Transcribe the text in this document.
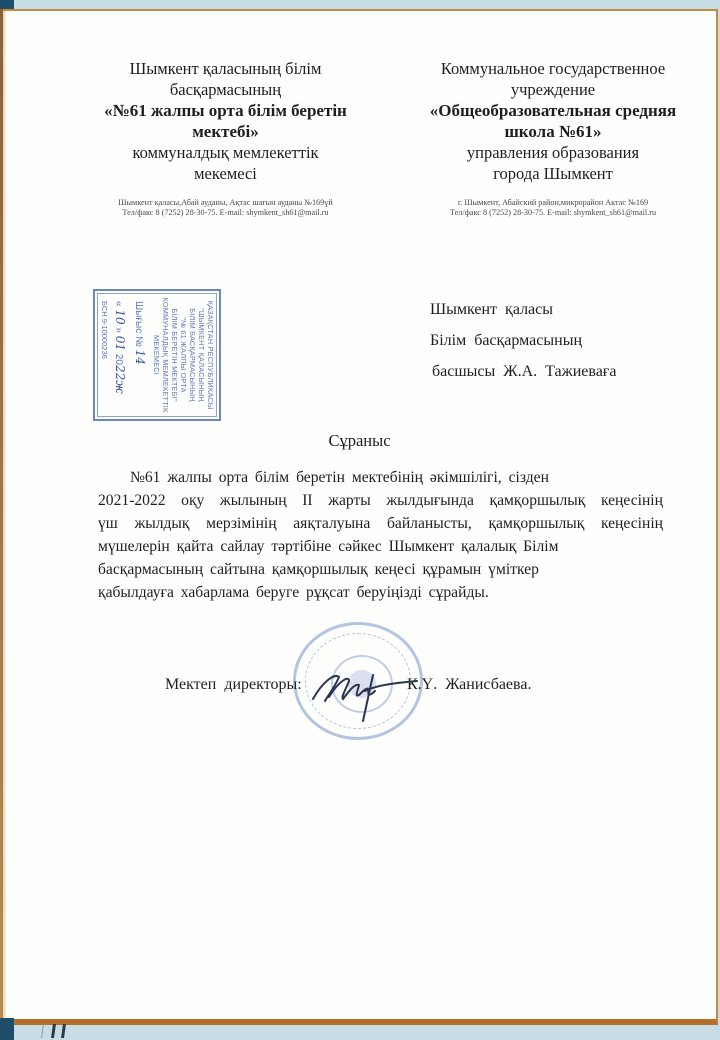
Шымкент қаласының білім
басқармасының
«№61 жалпы орта білім беретін
мектебі»
коммуналдық мемлекеттік
мекемесі
Шымкент қаласы,Абай ауданы, Ақтас шағын ауданы №169үй
Тел/факс 8 (7252) 28-30-75. E-mail: shymkent_sh61@mail.ru
Коммунальное государственное
учреждение
«Общеобразовательная средняя
школа №61»
управления образования
города Шымкент
г. Шымкент, Абайский район,микрорайон Актас №169
Тел/факс 8 (7252) 28-30-75. E-mail: shymkent_sh61@mail.ru
ҚАЗАҚСТАН РЕСПУБЛИКАСЫ
"ШЫМКЕНТ ҚАЛАСЫНЫҢ
БІЛІМ БАСҚАРМАСЫНЫҢ
"№ 61 ЖАЛПЫ ОРТА
БІЛІМ БЕРЕТІН МЕКТЕБІ"
КОММУНАЛДЫҚ МЕМЛЕКЕТТІК
МЕКЕМЕСІ
Шығыс № 14
« 10 » 01 2022ж
БСН 9-10000236	Шымкент қаласы
Білім басқармасының
басшысы Ж.А. Тажиеваға
Сұраныс
№61 жалпы орта білім беретін мектебінің әкімшілігі, сізден
2021-2022 оқу жылының II жарты жылдығында қамқоршылық кеңесінің
үш жылдық мерзімінің аяқталуына байланысты, қамқоршылық кеңесінің
мүшелерін қайта сайлау тәртібіне сәйкес Шымкент қалалық Білім
басқармасының сайтына қамқоршылық кеңесі құрамын үміткер
қабылдауға хабарлама беруге рұқсат беруіңізді сұрайды.
Мектеп директоры:	К.Ү. Жанисбаева.
